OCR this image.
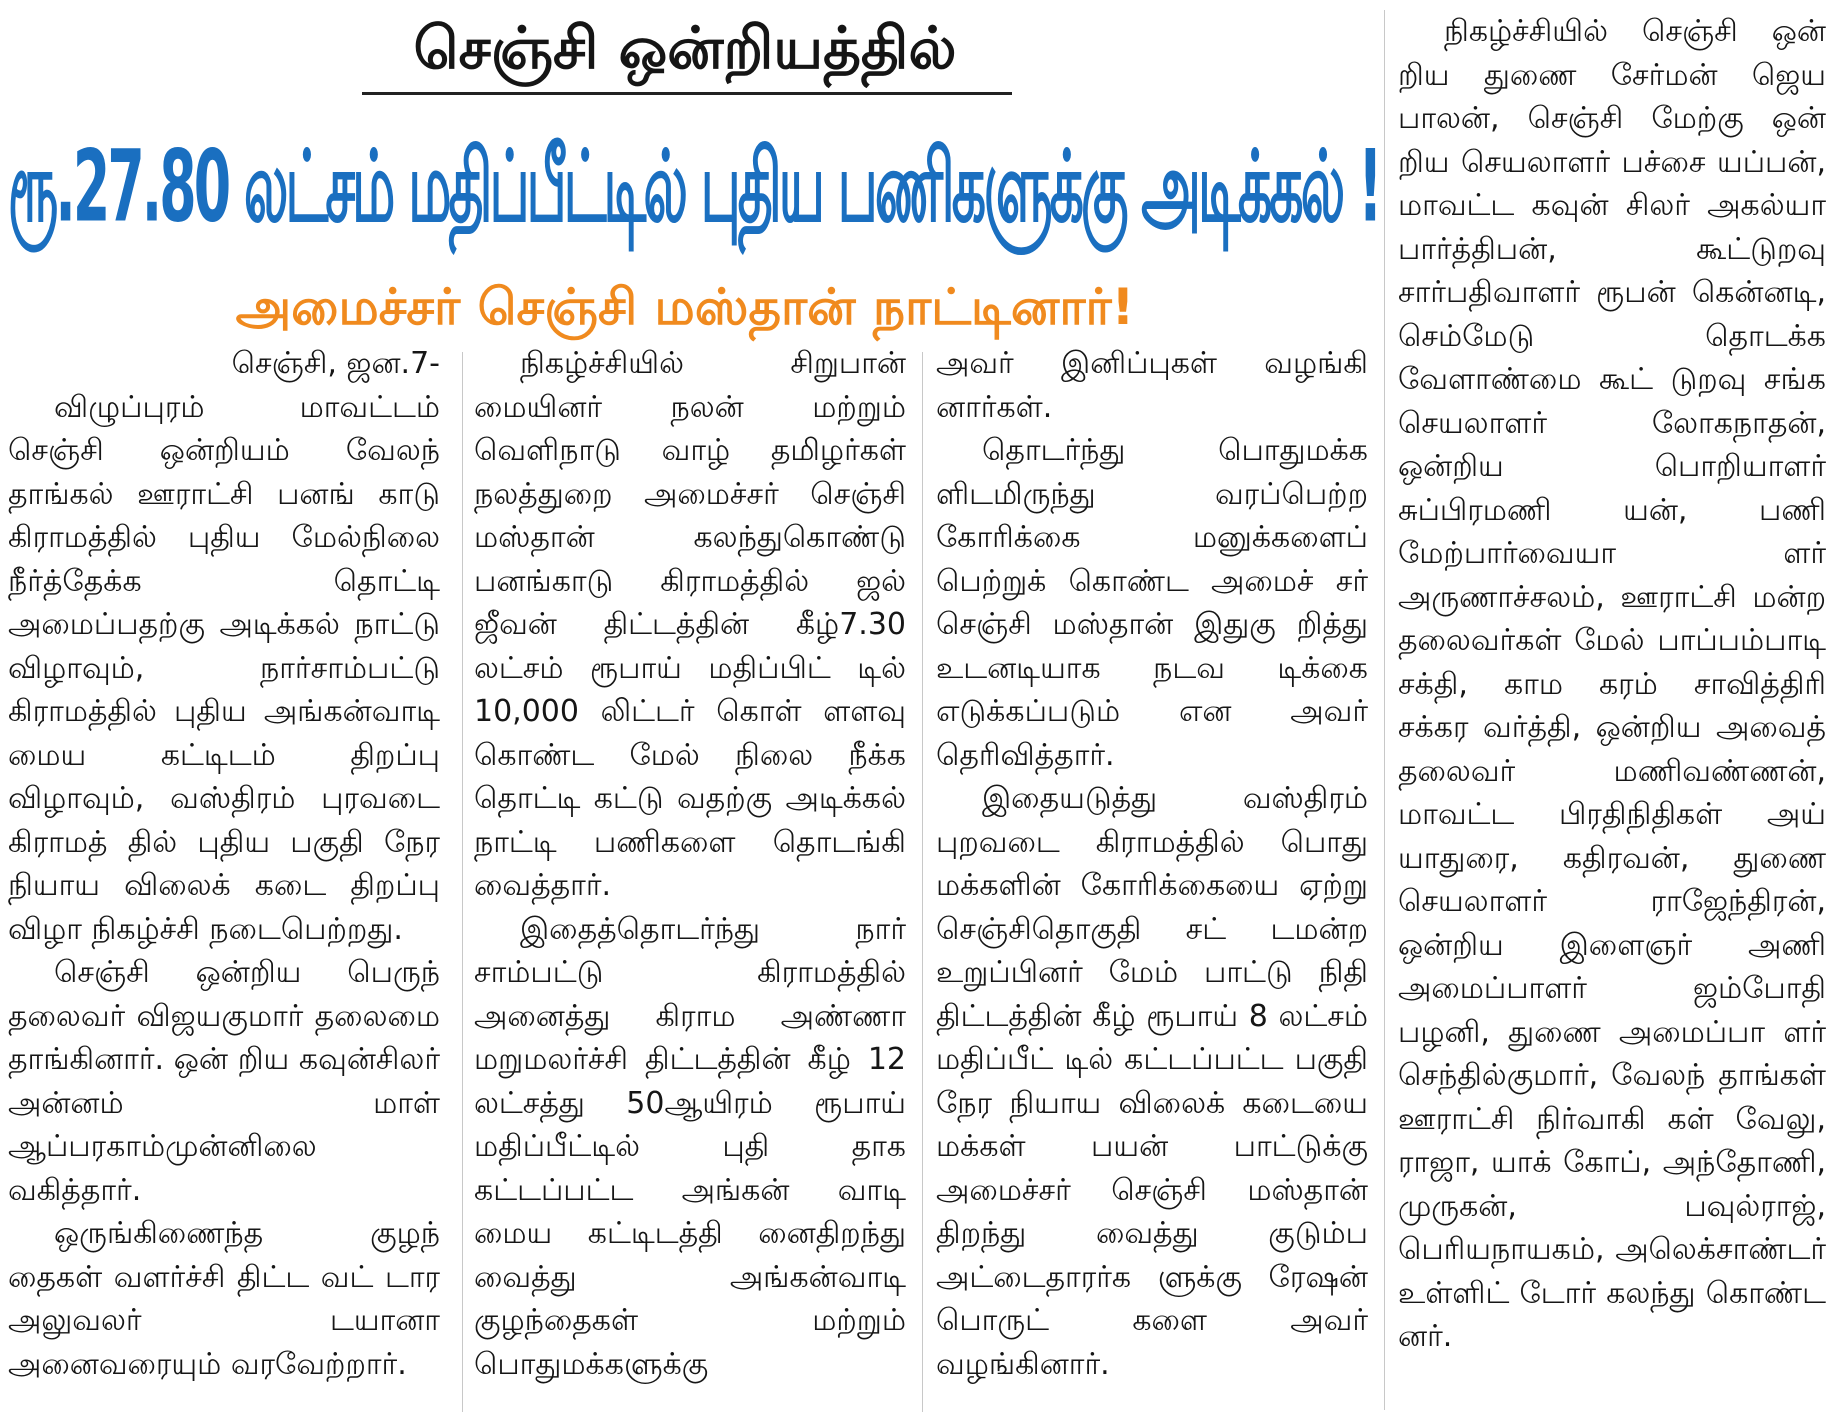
செஞ்சி ஒன்றியத்தில்
ரூ.27.80 லட்சம் மதிப்பீட்டில் புதிய பணிகளுக்கு அடிக்கல் !
அமைச்சர் செஞ்சி மஸ்தான் நாட்டினார்!

செஞ்சி, ஜன.7-

விழுப்புரம் மாவட்டம் செஞ்சி ஒன்றியம் வேலந் தாங்கல் ஊராட்சி பனங் காடு கிராமத்தில் புதிய மேல்நிலை நீர்த்தேக்க தொட்டி அமைப்பதற்கு அடிக்கல் நாட்டு விழாவும், நார்சாம்பட்டு கிராமத்தில் புதிய அங்கன்வாடி மைய கட்டிடம் திறப்பு விழாவும், வஸ்திரம் புரவடை கிராமத் தில் புதிய பகுதி நேர நியாய விலைக் கடை திறப்பு விழா நிகழ்ச்சி நடைபெற்றது.

செஞ்சி ஒன்றிய பெருந் தலைவர் விஜயகுமார் தலைமை தாங்கினார். ஒன் றிய கவுன்சிலர் அன்னம் மாள் ஆப்பரகாம்முன்னிலை வகித்தார்.

ஒருங்கிணைந்த குழந் தைகள் வளர்ச்சி திட்ட வட் டார அலுவலர் டயானா அனைவரையும் வரவேற்றார்.

நிகழ்ச்சியில் சிறுபான் மையினர் நலன் மற்றும் வெளிநாடு வாழ் தமிழர்கள் நலத்துறை அமைச்சர் செஞ்சி மஸ்தான் கலந்துகொண்டு பனங்காடு கிராமத்தில் ஜல் ஜீவன் திட்டத்தின் கீழ்7.30 லட்சம் ரூபாய் மதிப்பிட் டில் 10,000 லிட்டர் கொள் ளளவு கொண்ட மேல் நிலை நீக்க தொட்டி கட்டு வதற்கு அடிக்கல் நாட்டி பணிகளை தொடங்கி வைத்தார்.

இதைத்தொடர்ந்து நார் சாம்பட்டு கிராமத்தில் அனைத்து கிராம அண்ணா மறுமலர்ச்சி திட்டத்தின் கீழ் 12 லட்சத்து 50ஆயிரம் ரூபாய் மதிப்பீட்டில் புதி தாக கட்டப்பட்ட அங்கன் வாடி மைய கட்டிடத்தி னைதிறந்து வைத்து அங்கன்வாடி குழந்தைகள் மற்றும் பொதுமக்களுக்கு

அவர் இனிப்புகள் வழங்கி னார்கள்.

தொடர்ந்து பொதுமக்க ளிடமிருந்து வரப்பெற்ற கோரிக்கை மனுக்களைப் பெற்றுக் கொண்ட அமைச் சர் செஞ்சி மஸ்தான் இதுகு றித்து உடனடியாக நடவ டிக்கை எடுக்கப்படும் என அவர் தெரிவித்தார்.

இதையடுத்து வஸ்திரம் புறவடை கிராமத்தில் பொது மக்களின் கோரிக்கையை ஏற்று செஞ்சிதொகுதி சட் டமன்ற உறுப்பினர் மேம் பாட்டு நிதி திட்டத்தின் கீழ் ரூபாய் 8 லட்சம் மதிப்பீட் டில் கட்டப்பட்ட பகுதி நேர நியாய விலைக் கடையை மக்கள் பயன் பாட்டுக்கு அமைச்சர் செஞ்சி மஸ்தான் திறந்து வைத்து குடும்ப அட்டைதாரர்க ளுக்கு ரேஷன் பொருட் களை அவர் வழங்கினார்.

நிகழ்ச்சியில் செஞ்சி ஒன் றிய துணை சேர்மன் ஜெய பாலன், செஞ்சி மேற்கு ஒன் றிய செயலாளர் பச்சை யப்பன், மாவட்ட கவுன் சிலர் அகல்யா பார்த்திபன், கூட்டுறவு சார்பதிவாளர் ரூபன் கென்னடி, செம்மேடு தொடக்க வேளாண்மை கூட் டுறவு சங்க செயலாளர் லோகநாதன், ஒன்றிய பொறியாளர் சுப்பிரமணி யன், பணி மேற்பார்வையா ளர் அருணாச்சலம், ஊராட்சி மன்ற தலைவர்கள் மேல் பாப்பம்பாடி சக்தி, காம கரம் சாவித்திரி சக்கர வர்த்தி, ஒன்றிய அவைத் தலைவர் மணிவண்ணன், மாவட்ட பிரதிநிதிகள் அய் யாதுரை, கதிரவன், துணை செயலாளர் ராஜேந்திரன், ஒன்றிய இளைஞர் அணி அமைப்பாளர் ஜம்போதி பழனி, துணை அமைப்பா ளர் செந்தில்குமார், வேலந் தாங்கள் ஊராட்சி நிர்வாகி கள் வேலு, ராஜா, யாக் கோப், அந்தோணி, முருகன், பவுல்ராஜ், பெரியநாயகம், அலெக்சாண்டர் உள்ளிட் டோர் கலந்து கொண்ட னர்.
